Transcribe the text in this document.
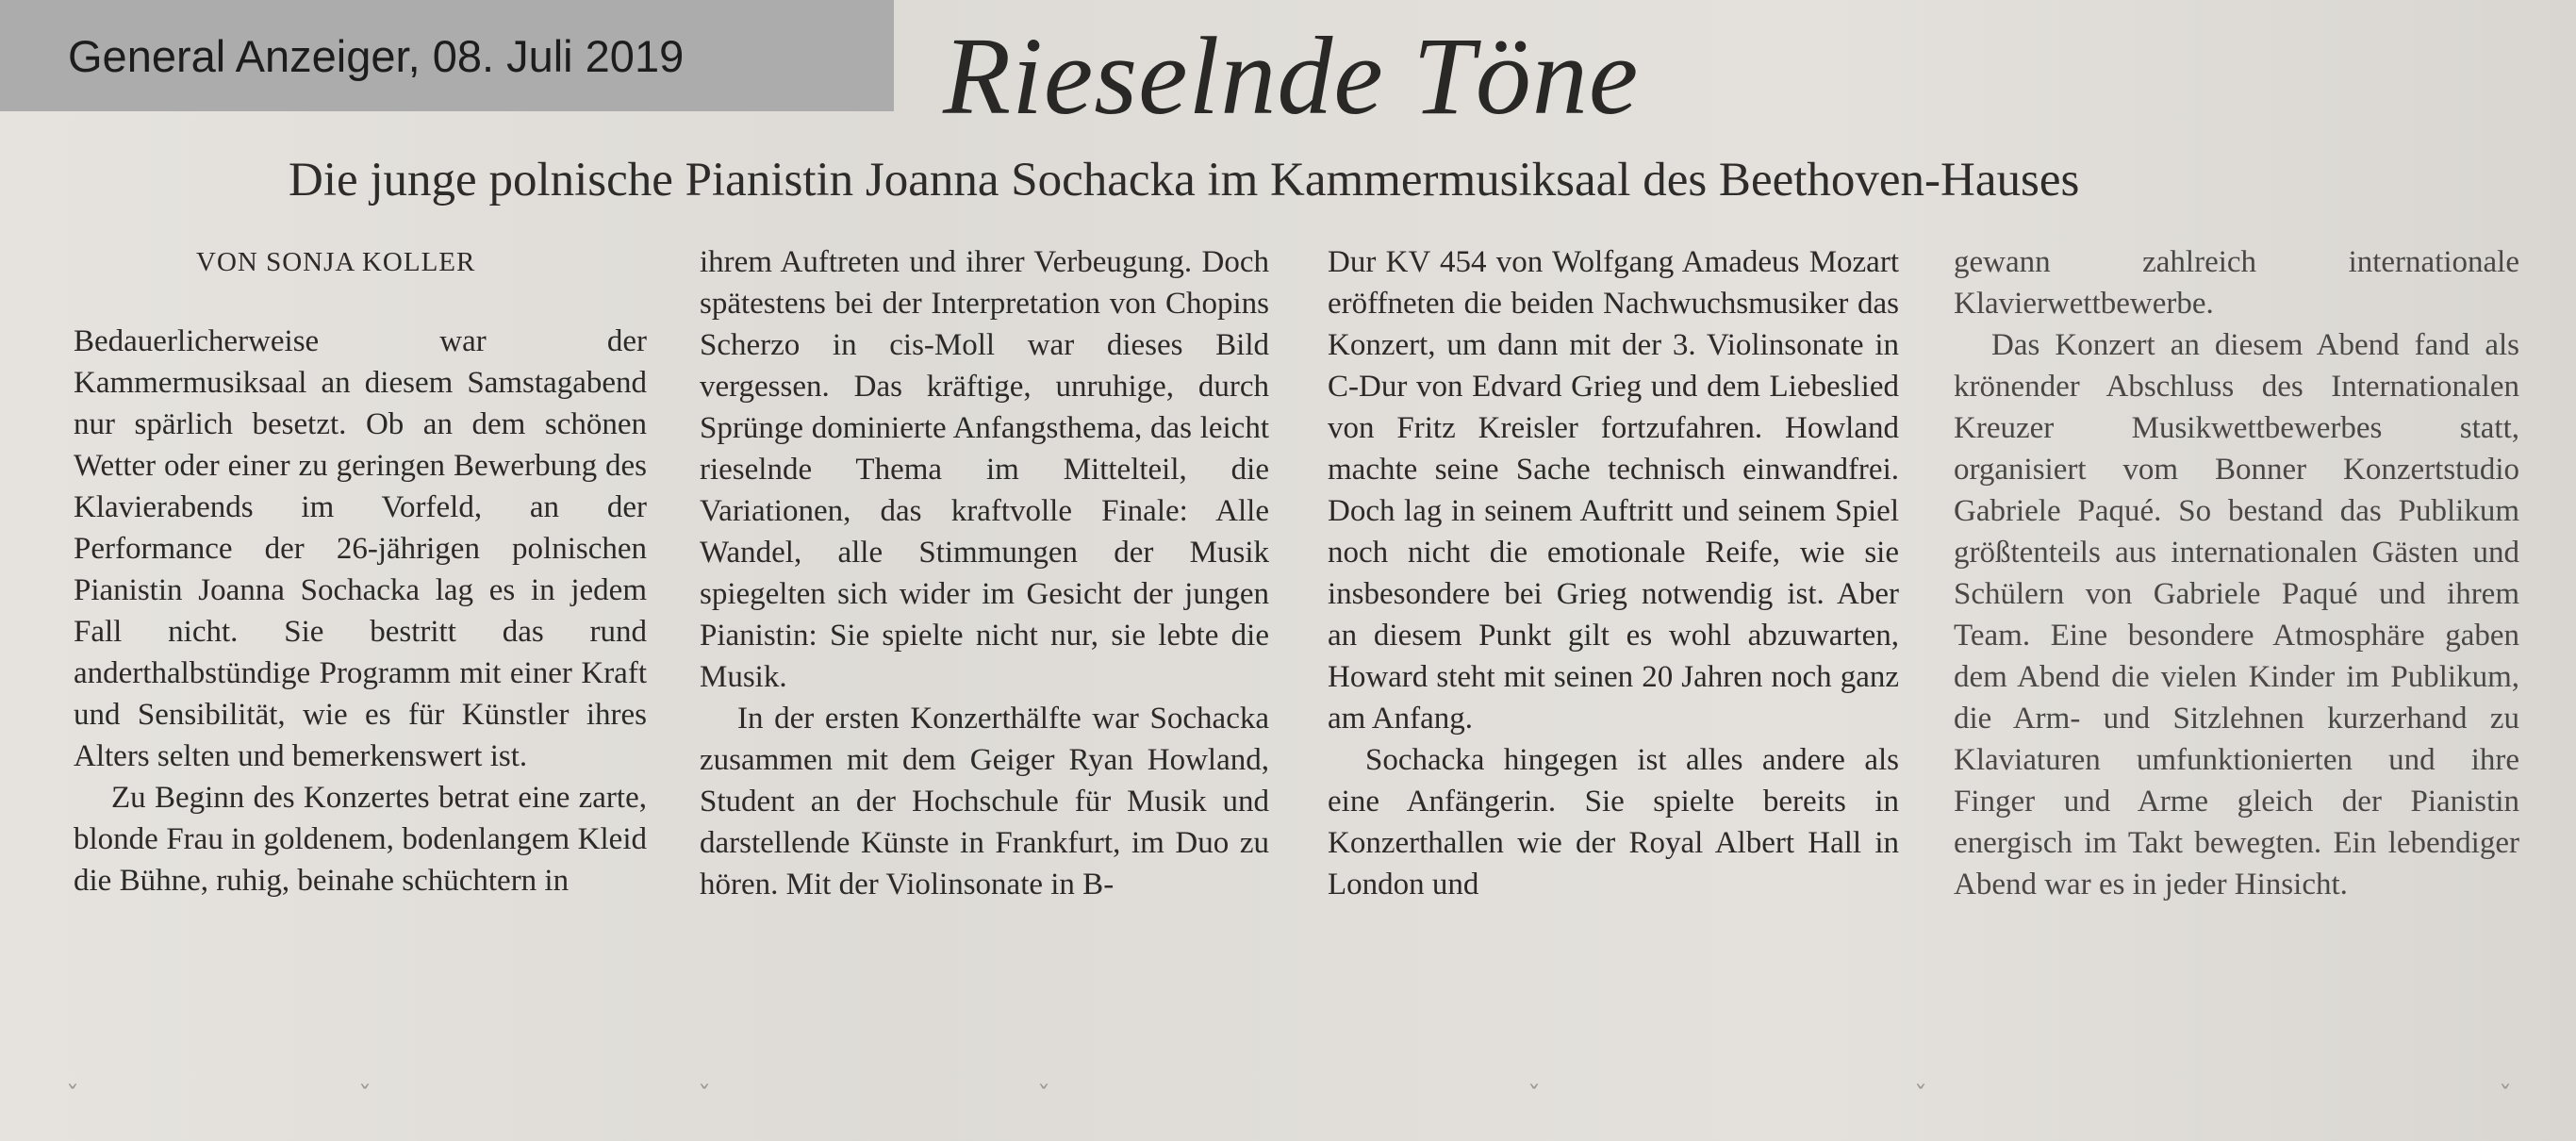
General Anzeiger, 08. Juli 2019 Rieselnde Töne
Die junge polnische Pianistin Joanna Sochacka im Kammermusiksaal des Beethoven-Hauses
VON SONJA KOLLER

Bedauerlicherweise war der Kammermusiksaal an diesem Samstagabend nur spärlich besetzt. Ob an dem schönen Wetter oder einer zu geringen Bewerbung des Klavierabends im Vorfeld, an der Performance der 26-jährigen polnischen Pianistin Joanna Sochacka lag es in jedem Fall nicht. Sie bestritt das rund anderthalbstündige Programm mit einer Kraft und Sensibilität, wie es für Künstler ihres Alters selten und bemerkenswert ist.

Zu Beginn des Konzertes betrat eine zarte, blonde Frau in goldenem, bodenlangem Kleid die Bühne, ruhig, beinahe schüchtern in

ihrem Auftreten und ihrer Verbeugung. Doch spätestens bei der Interpretation von Chopins Scherzo in cis-Moll war dieses Bild vergessen. Das kräftige, unruhige, durch Sprünge dominierte Anfangsthema, das leicht rieselnde Thema im Mittelteil, die Variationen, das kraftvolle Finale: Alle Wandel, alle Stimmungen der Musik spiegelten sich wider im Gesicht der jungen Pianistin: Sie spielte nicht nur, sie lebte die Musik.

In der ersten Konzerthälfte war Sochacka zusammen mit dem Geiger Ryan Howland, Student an der Hochschule für Musik und darstellende Künste in Frankfurt, im Duo zu hören. Mit der Violinsonate in B-

Dur KV 454 von Wolfgang Amadeus Mozart eröffneten die beiden Nachwuchsmusiker das Konzert, um dann mit der 3. Violinsonate in C-Dur von Edvard Grieg und dem Liebeslied von Fritz Kreisler fortzufahren. Howland machte seine Sache technisch einwandfrei. Doch lag in seinem Auftritt und seinem Spiel noch nicht die emotionale Reife, wie sie insbesondere bei Grieg notwendig ist. Aber an diesem Punkt gilt es wohl abzuwarten, Howard steht mit seinen 20 Jahren noch ganz am Anfang.

Sochacka hingegen ist alles andere als eine Anfängerin. Sie spielte bereits in Konzerthallen wie der Royal Albert Hall in London und

gewann zahlreich internationale Klavierwettbewerbe.

Das Konzert an diesem Abend fand als krönender Abschluss des Internationalen Kreuzer Musikwettbewerbes statt, organisiert vom Bonner Konzertstudio Gabriele Paqué. So bestand das Publikum größtenteils aus internationalen Gästen und Schülern von Gabriele Paqué und ihrem Team. Eine besondere Atmosphäre gaben dem Abend die vielen Kinder im Publikum, die Arm- und Sitzlehnen kurzerhand zu Klaviaturen umfunktionierten und ihre Finger und Arme gleich der Pianistin energisch im Takt bewegten. Ein lebendiger Abend war es in jeder Hinsicht.

ˇ	ˇ	ˇ	ˇ	ˇ	ˇ	ˇ
